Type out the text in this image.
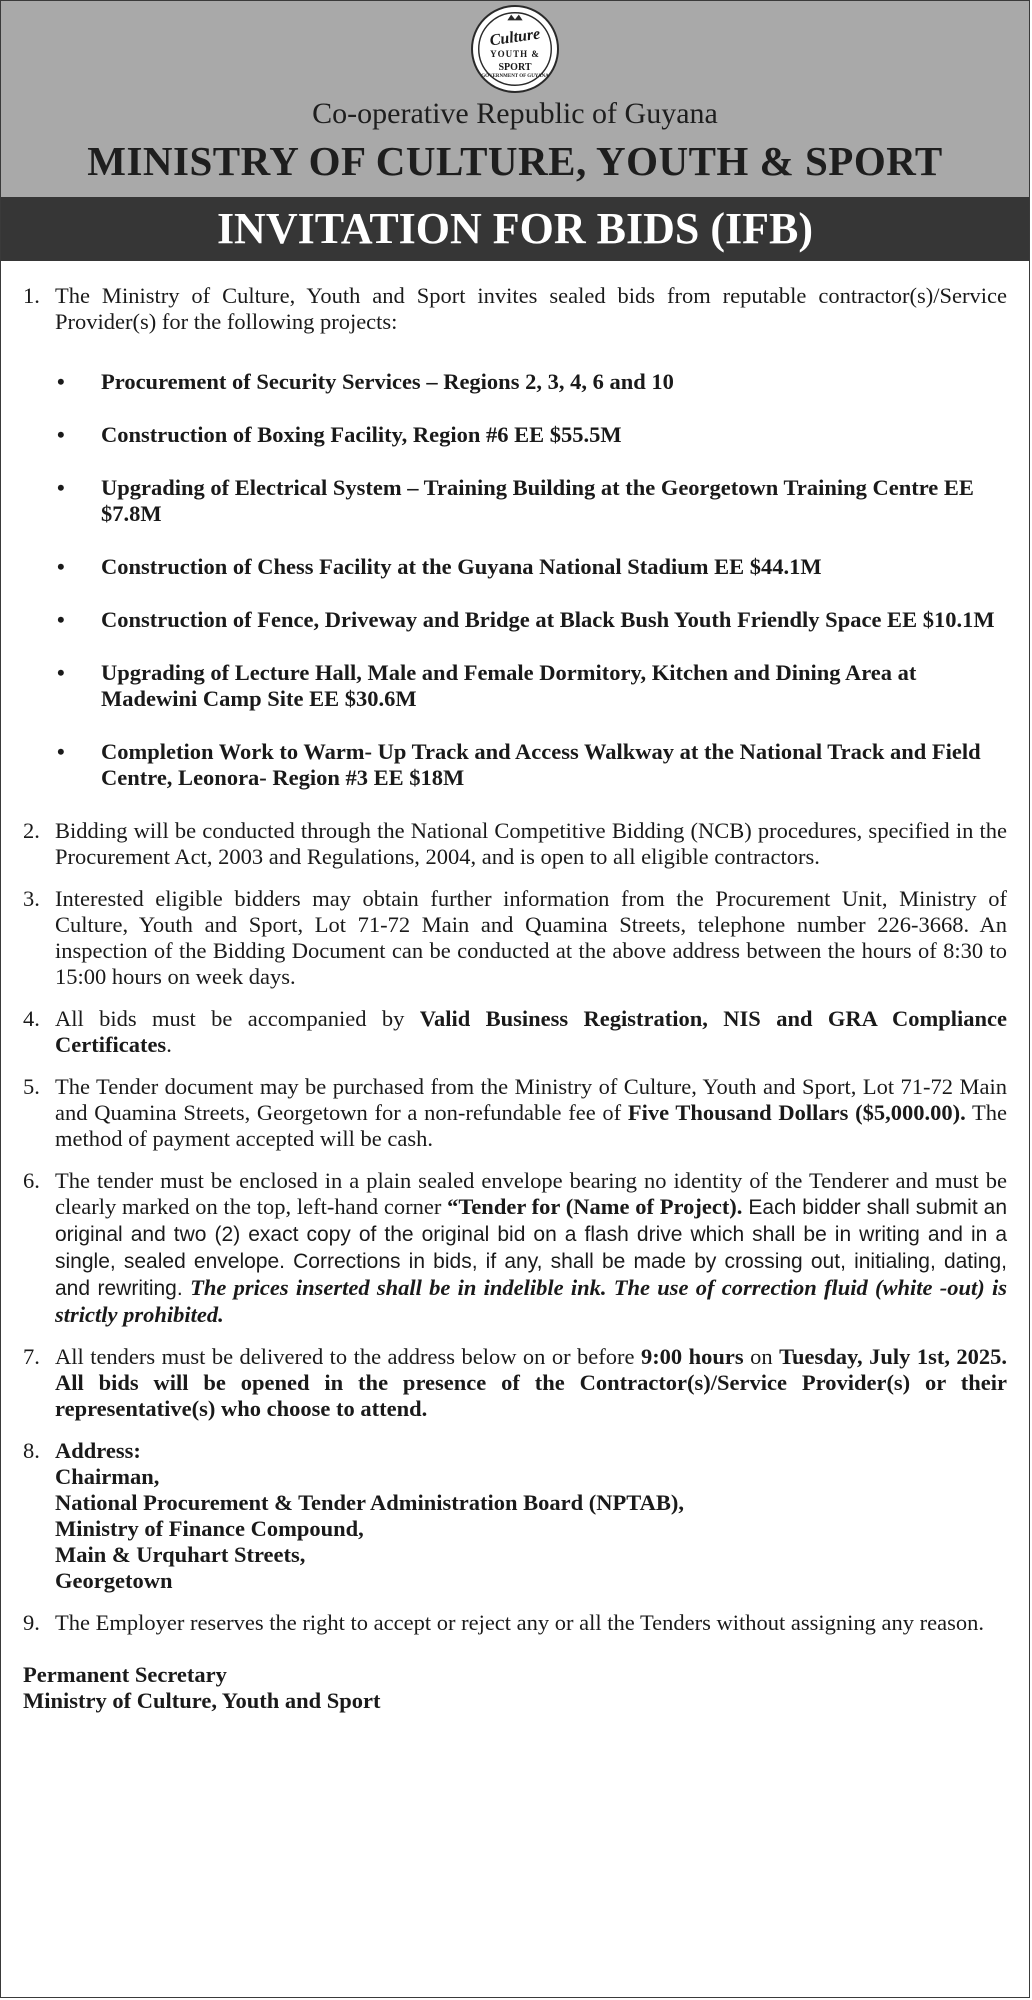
Culture
YOUTH &
SPORT
GOVERNMENT OF GUYANA
Co-operative Republic of Guyana
MINISTRY OF CULTURE, YOUTH & SPORT
INVITATION FOR BIDS (IFB)
1. The Ministry of Culture, Youth and Sport invites sealed bids from reputable contractor(s)/Service Provider(s) for the following projects:
•	Procurement of Security Services – Regions 2, 3, 4, 6 and 10
•	Construction of Boxing Facility, Region #6 EE $55.5M
•	Upgrading of Electrical System – Training Building at the Georgetown Training Centre EE $7.8M
•	Construction of Chess Facility at the Guyana National Stadium EE $44.1M
•	Construction of Fence, Driveway and Bridge at Black Bush Youth Friendly Space EE $10.1M
•	Upgrading of Lecture Hall, Male and Female Dormitory, Kitchen and Dining Area at Madewini Camp Site EE $30.6M
•	Completion Work to Warm- Up Track and Access Walkway at the National Track and Field Centre, Leonora- Region #3 EE $18M
2. Bidding will be conducted through the National Competitive Bidding (NCB) procedures, specified in the Procurement Act, 2003 and Regulations, 2004, and is open to all eligible contractors.
3. Interested eligible bidders may obtain further information from the Procurement Unit, Ministry of Culture, Youth and Sport, Lot 71-72 Main and Quamina Streets, telephone number 226-3668. An inspection of the Bidding Document can be conducted at the above address between the hours of 8:30 to 15:00 hours on week days.
4. All bids must be accompanied by Valid Business Registration, NIS and GRA Compliance Certificates.
5. The Tender document may be purchased from the Ministry of Culture, Youth and Sport, Lot 71-72 Main and Quamina Streets, Georgetown for a non-refundable fee of Five Thousand Dollars ($5,000.00). The method of payment accepted will be cash.
6. The tender must be enclosed in a plain sealed envelope bearing no identity of the Tenderer and must be clearly marked on the top, left-hand corner “Tender for (Name of Project). Each bidder shall submit an original and two (2) exact copy of the original bid on a flash drive which shall be in writing and in a single, sealed envelope. Corrections in bids, if any, shall be made by crossing out, initialing, dating, and rewriting. The prices inserted shall be in indelible ink. The use of correction fluid (white -out) is strictly prohibited.
7. All tenders must be delivered to the address below on or before 9:00 hours on Tuesday, July 1st, 2025. All bids will be opened in the presence of the Contractor(s)/Service Provider(s) or their representative(s) who choose to attend.
8. Address:
Chairman,
National Procurement & Tender Administration Board (NPTAB),
Ministry of Finance Compound,
Main & Urquhart Streets,
Georgetown
9. The Employer reserves the right to accept or reject any or all the Tenders without assigning any reason.
Permanent Secretary
Ministry of Culture, Youth and Sport
